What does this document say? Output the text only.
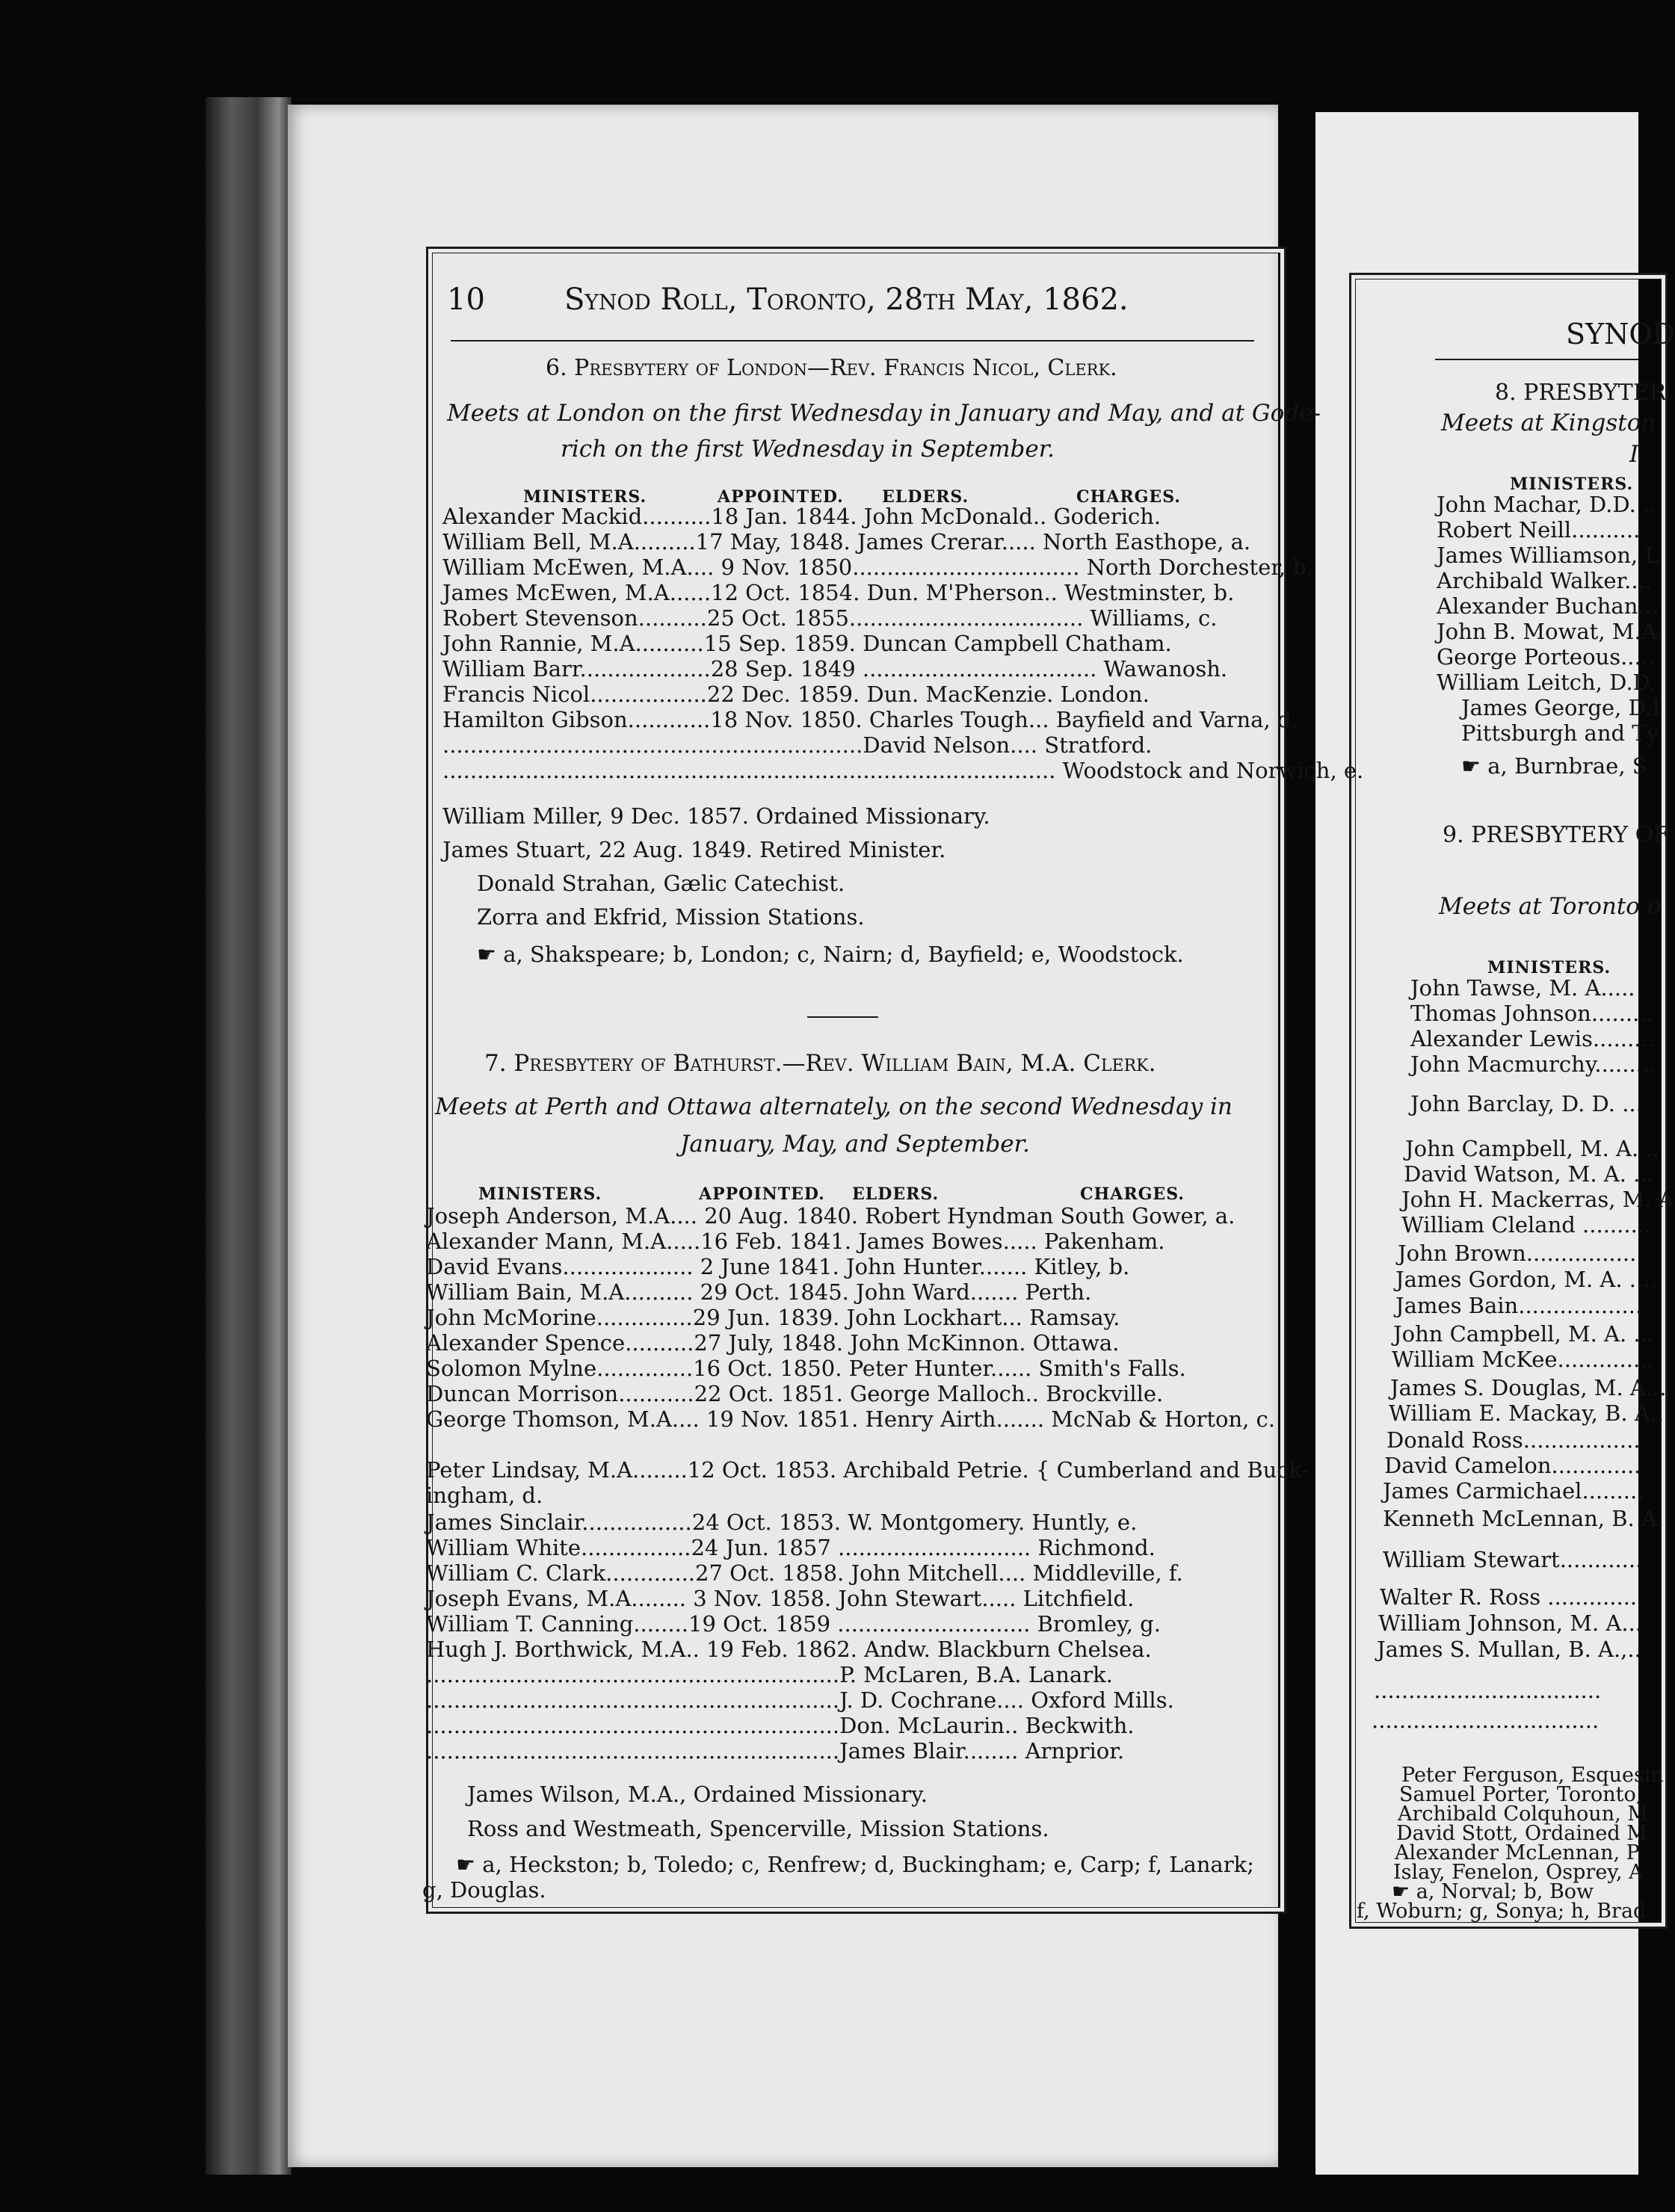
10	Synod Roll, Toronto, 28th May, 1862.
6. Presbytery of London—Rev. Francis Nicol, Clerk.
Meets at London on the first Wednesday in January and May, and at Gode-
rich on the first Wednesday in September.
MINISTERS.	APPOINTED. ELDERS.	CHARGES.
Alexander Mackid..........18 Jan. 1844. John McDonald.. Goderich.
William Bell, M.A.........17 May, 1848. James Crerar..... North Easthope, a.
William McEwen, M.A.... 9 Nov. 1850................................. North Dorchester, b.
James McEwen, M.A......12 Oct. 1854. Dun. M'Pherson.. Westminster, b.
Robert Stevenson..........25 Oct. 1855.................................. Williams, c.
John Rannie, M.A..........15 Sep. 1859. Duncan Campbell Chatham.
William Barr...................28 Sep. 1849 .................................. Wawanosh.
Francis Nicol.................22 Dec. 1859. Dun. MacKenzie. London.
Hamilton Gibson............18 Nov. 1850. Charles Tough... Bayfield and Varna, d.
.............................................................David Nelson.... Stratford.
......................................................................................... Woodstock and Norwich, e.
William Miller, 9 Dec. 1857. Ordained Missionary.
James Stuart, 22 Aug. 1849. Retired Minister.
Donald Strahan, Gælic Catechist.
Zorra and Ekfrid, Mission Stations.
☛ a, Shakspeare; b, London; c, Nairn; d, Bayfield; e, Woodstock.
7. Presbytery of Bathurst.—Rev. William Bain, M.A. Clerk.
Meets at Perth and Ottawa alternately, on the second Wednesday in
January, May, and September.
MINISTERS.	APPOINTED. ELDERS.	CHARGES.
Joseph Anderson, M.A.... 20 Aug. 1840. Robert Hyndman South Gower, a.
Alexander Mann, M.A.....16 Feb. 1841. James Bowes..... Pakenham.
David Evans................... 2 June 1841. John Hunter....... Kitley, b.
William Bain, M.A.......... 29 Oct. 1845. John Ward....... Perth.
John McMorine..............29 Jun. 1839. John Lockhart... Ramsay.
Alexander Spence..........27 July, 1848. John McKinnon. Ottawa.
Solomon Mylne..............16 Oct. 1850. Peter Hunter...... Smith's Falls.
Duncan Morrison...........22 Oct. 1851. George Malloch.. Brockville.
George Thomson, M.A.... 19 Nov. 1851. Henry Airth....... McNab & Horton, c.
Peter Lindsay, M.A........12 Oct. 1853. Archibald Petrie. { Cumberland and Buck-
ingham, d.
James Sinclair................24 Oct. 1853. W. Montgomery. Huntly, e.
William White................24 Jun. 1857 ............................ Richmond.
William C. Clark.............27 Oct. 1858. John Mitchell.... Middleville, f.
Joseph Evans, M.A........ 3 Nov. 1858. John Stewart..... Litchfield.
William T. Canning........19 Oct. 1859 ............................ Bromley, g.
Hugh J. Borthwick, M.A.. 19 Feb. 1862. Andw. Blackburn Chelsea.
............................................................P. McLaren, B.A. Lanark.
............................................................J. D. Cochrane.... Oxford Mills.
............................................................Don. McLaurin.. Beckwith.
............................................................James Blair........ Arnprior.
James Wilson, M.A., Ordained Missionary.
Ross and Westmeath, Spencerville, Mission Stations.
☛ a, Heckston; b, Toledo; c, Renfrew; d, Buckingham; e, Carp; f, Lanark;
g, Douglas.
SYNOD
8. PRESBYTER
Meets at Kingston
I
MINISTERS.
John Machar, D.D. ..
Robert Neill..........
James Williamson, L
Archibald Walker....
Alexander Buchan...
John B. Mowat, M.A.
George Porteous.....
William Leitch, D.D.
James George, D.I
Pittsburgh and Ty
☛ a, Burnbrae, S
9. PRESBYTERY OF
Meets at Toronto o
MINISTERS.
John Tawse, M. A.....
Thomas Johnson.........
Alexander Lewis.........
John Macmurchy.........
John Barclay, D. D. ...
John Campbell, M. A. ..
David Watson, M. A. ...
John H. Mackerras, M. A
William Cleland ..........
John Brown................
James Gordon, M. A. ....
James Bain..................
John Campbell, M. A. ...
William McKee..............
James S. Douglas, M. A...
William E. Mackay, B. A..
Donald Ross.................
David Camelon.............
James Carmichael.........
Kenneth McLennan, B. A.
William Stewart............
Walter R. Ross .............
William Johnson, M. A...
James S. Mullan, B. A.,..
.................................
.................................
Peter Ferguson, Esquesin
Samuel Porter, Toronto,
Archibald Colquhoun, M
David Stott, Ordained M
Alexander McLennan, P
Islay, Fenelon, Osprey, A
☛ a, Norval; b, Bow
f, Woburn; g, Sonya; h, Brad
